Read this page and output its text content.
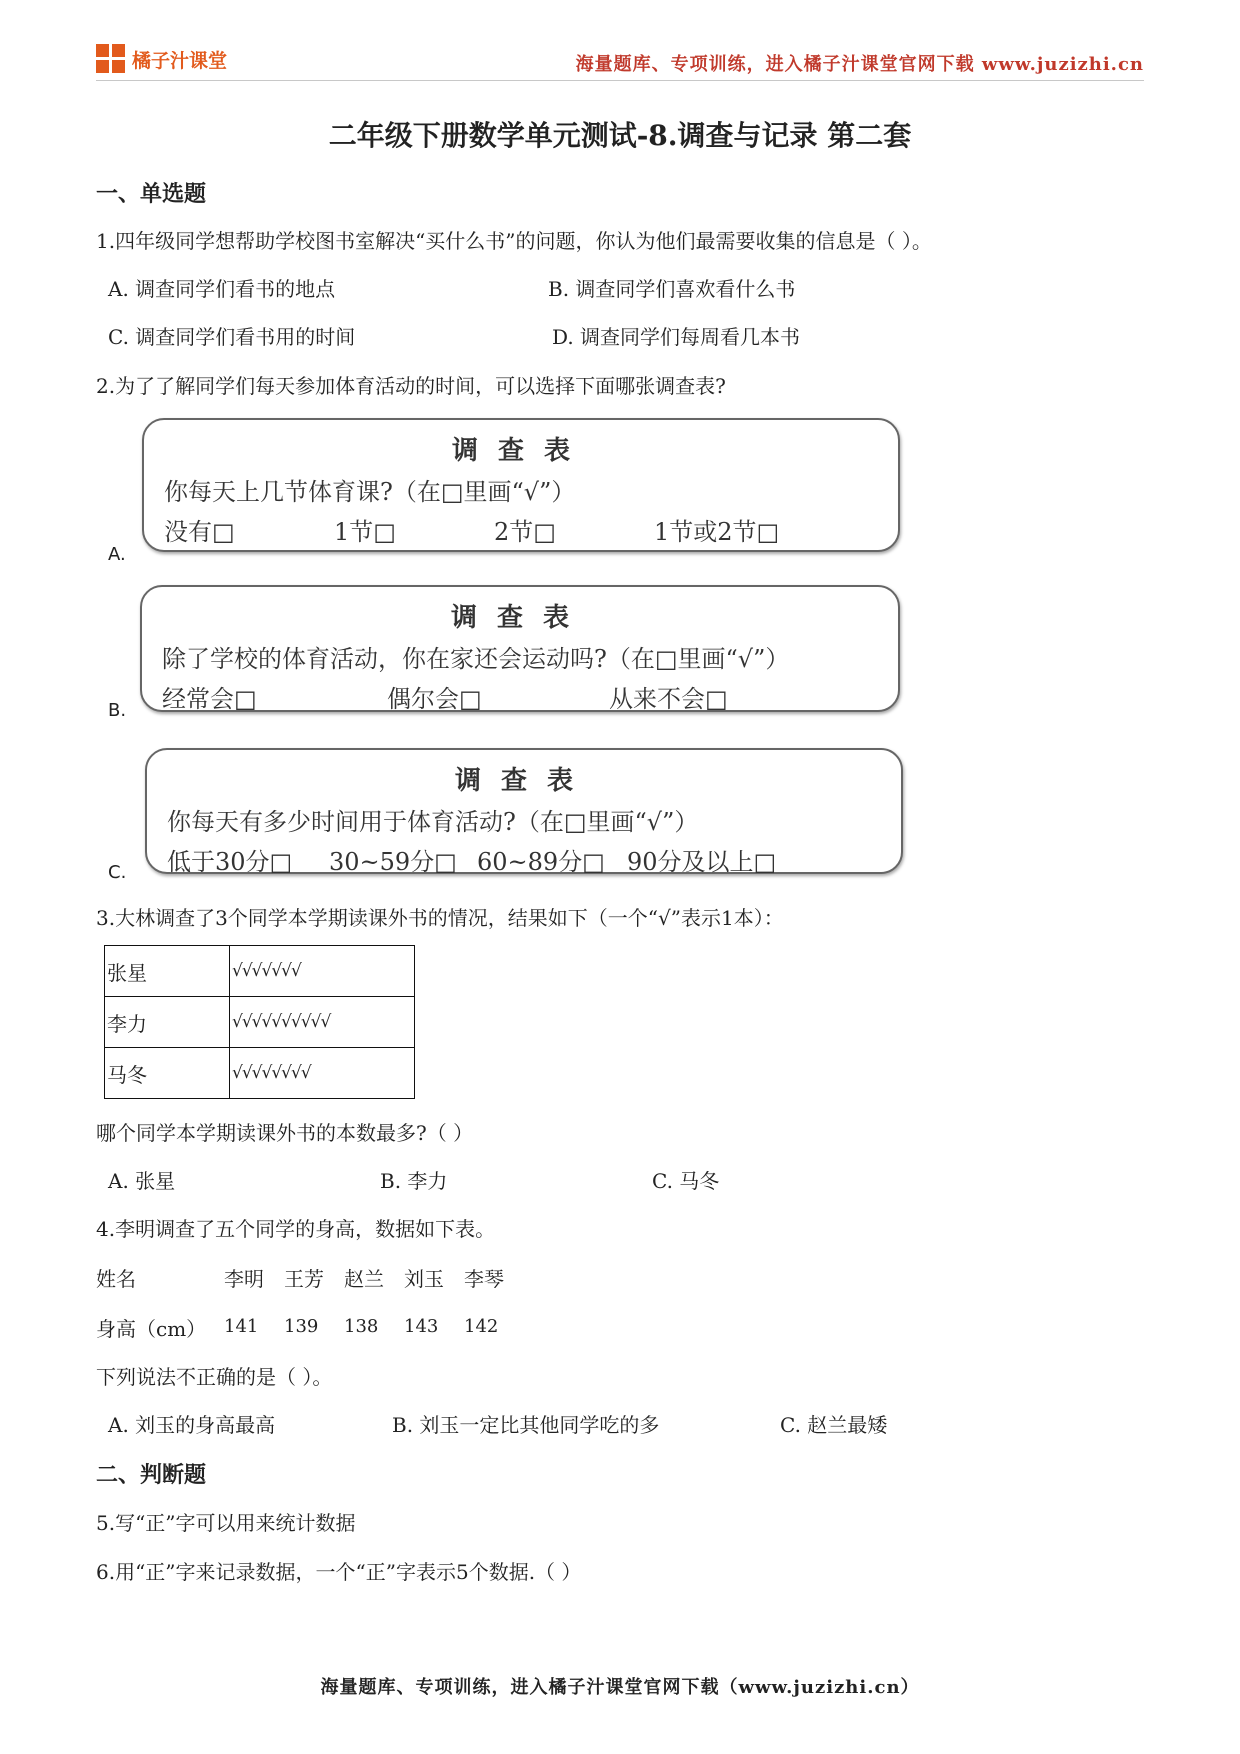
橘子汁课堂	海量题库、专项训练，进入橘子汁课堂官网下载 www.juzizhi.cn
二年级下册数学单元测试-8.调查与记录 第二套
一、单选题
1.四年级同学想帮助学校图书室解决“买什么书”的问题，你认为他们最需要收集的信息是（ ）。
A. 调查同学们看书的地点	B. 调查同学们喜欢看什么书
C. 调查同学们看书用的时间	D. 调查同学们每周看几本书
2.为了了解同学们每天参加体育活动的时间，可以选择下面哪张调查表?
调查表
你每天上几节体育课?（在□里画“√”）
没有□	1节□	2节□	1节或2节□
A.
调查表
除了学校的体育活动，你在家还会运动吗?（在□里画“√”）
经常会□	偶尔会□	从来不会□
B.
调查表
你每天有多少时间用于体育活动?（在□里画“√”）
低于30分□ 30~59分□ 60~89分□ 90分及以上□
C.
3.大林调查了3个同学本学期读课外书的情况，结果如下（一个“√”表示1本）：
张星	√√√√√√√
李力	√√√√√√√√√√
马冬	√√√√√√√√
哪个同学本学期读课外书的本数最多?（ ）
A. 张星	B. 李力	C. 马冬
4.李明调查了五个同学的身高，数据如下表。
姓名	李明 王芳 赵兰 刘玉 李琴
身高（cm） 141 139 138 143 142
下列说法不正确的是（ ）。
A. 刘玉的身高最高	B. 刘玉一定比其他同学吃的多	C. 赵兰最矮
二、判断题
5.写“正”字可以用来统计数据
6.用“正”字来记录数据，一个“正”字表示5个数据.（ ）
海量题库、专项训练，进入橘子汁课堂官网下载（www.juzizhi.cn）
